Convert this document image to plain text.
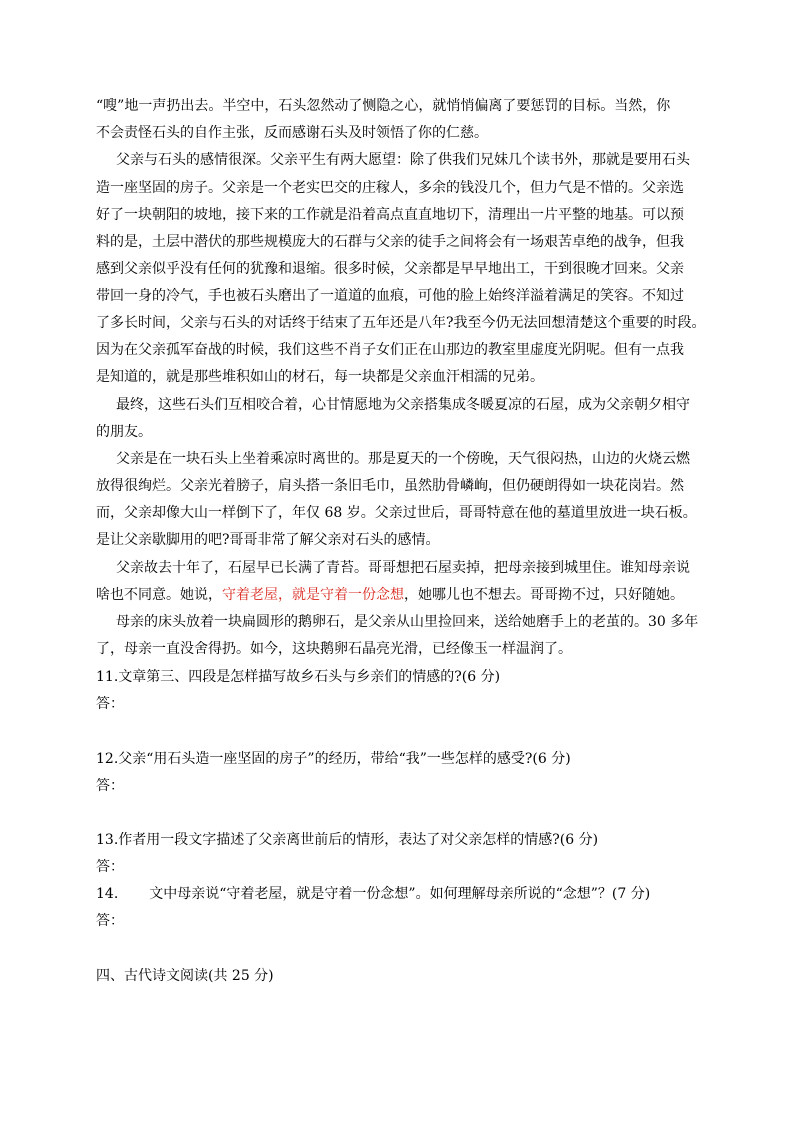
“嗖”地一声扔出去。半空中，石头忽然动了恻隐之心，就悄悄偏离了要惩罚的目标。当然，你
不会责怪石头的自作主张，反而感谢石头及时领悟了你的仁慈。
父亲与石头的感情很深。父亲平生有两大愿望：除了供我们兄妹几个读书外，那就是要用石头
造一座坚固的房子。父亲是一个老实巴交的庄稼人，多余的钱没几个，但力气是不惜的。父亲选
好了一块朝阳的坡地，接下来的工作就是沿着高点直直地切下，清理出一片平整的地基。可以预
料的是，土层中潜伏的那些规模庞大的石群与父亲的徒手之间将会有一场艰苦卓绝的战争，但我
感到父亲似乎没有任何的犹豫和退缩。很多时候，父亲都是早早地出工，干到很晚才回来。父亲
带回一身的冷气，手也被石头磨出了一道道的血痕，可他的脸上始终洋溢着满足的笑容。不知过
了多长时间，父亲与石头的对话终于结束了五年还是八年?我至今仍无法回想清楚这个重要的时段。
因为在父亲孤军奋战的时候，我们这些不肖子女们正在山那边的教室里虚度光阴呢。但有一点我
是知道的，就是那些堆积如山的材石，每一块都是父亲血汗相濡的兄弟。
最终，这些石头们互相咬合着，心甘情愿地为父亲搭集成冬暖夏凉的石屋，成为父亲朝夕相守
的朋友。
父亲是在一块石头上坐着乘凉时离世的。那是夏天的一个傍晚，天气很闷热，山边的火烧云燃
放得很绚烂。父亲光着膀子，肩头搭一条旧毛巾，虽然肋骨嶙峋，但仍硬朗得如一块花岗岩。然
而，父亲却像大山一样倒下了，年仅 68 岁。父亲过世后，哥哥特意在他的墓道里放进一块石板。
是让父亲歇脚用的吧?哥哥非常了解父亲对石头的感情。
父亲故去十年了，石屋早已长满了青苔。哥哥想把石屋卖掉，把母亲接到城里住。谁知母亲说
啥也不同意。她说，守着老屋，就是守着一份念想，她哪儿也不想去。哥哥拗不过，只好随她。
母亲的床头放着一块扁圆形的鹅卵石，是父亲从山里捡回来，送给她磨手上的老茧的。30 多年
了，母亲一直没舍得扔。如今，这块鹅卵石晶亮光滑，已经像玉一样温润了。
11.文章第三、四段是怎样描写故乡石头与乡亲们的情感的?(6 分)
答：
12.父亲“用石头造一座坚固的房子”的经历，带给“我”一些怎样的感受?(6 分)
答：
13.作者用一段文字描述了父亲离世前后的情形，表达了对父亲怎样的情感?(6 分)
答：
14. 文中母亲说“守着老屋，就是守着一份念想”。如何理解母亲所说的“念想”？(7 分)
答：
四、古代诗文阅读(共 25 分)
